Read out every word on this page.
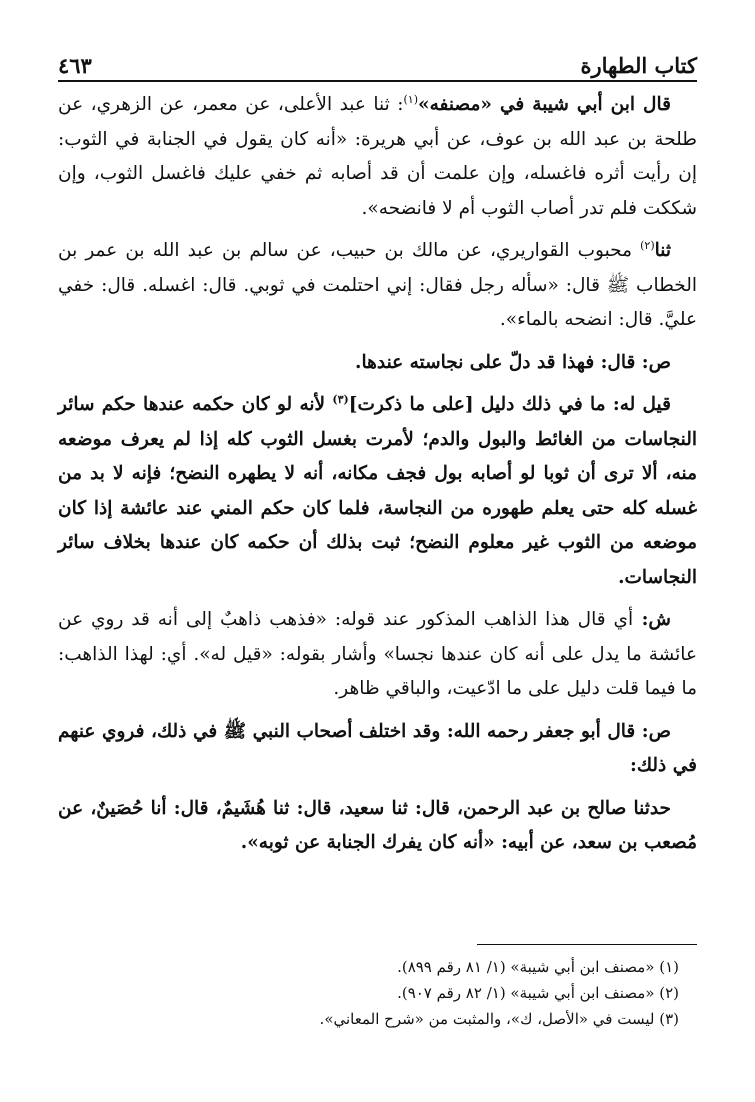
كتاب الطهارة
٤٦٣

قال ابن أبي شيبة في «مصنفه»$^{(١)}$: ثنا عبد الأعلى، عن معمر، عن الزهري، عن طلحة بن عبد الله بن عوف، عن أبي هريرة: «أنه كان يقول في الجنابة في الثوب: إن رأيت أثره فاغسله، وإن علمت أن قد أصابه ثم خفي عليك فاغسل الثوب، وإن شككت فلم تدر أصاب الثوب أم لا فانضحه».

ثنا$^{(٢)}$ محبوب القواريري، عن مالك بن حبيب، عن سالم بن عبد الله بن عمر بن الخطاب ﷺ قال: «سأله رجل فقال: إني احتلمت في ثوبي. قال: اغسله. قال: خفي عليَّ. قال: انضحه بالماء».

ص: قال: فهذا قد دلّ على نجاسته عندها.

قيل له: ما في ذلك دليل [على ما ذكرت]$^{(٣)}$ لأنه لو كان حكمه عندها حكم سائر النجاسات من الغائط والبول والدم؛ لأمرت بغسل الثوب كله إذا لم يعرف موضعه منه، ألا ترى أن ثوبا لو أصابه بول فجف مكانه، أنه لا يطهره النضح؛ فإنه لا بد من غسله كله حتى يعلم طهوره من النجاسة، فلما كان حكم المني عند عائشة إذا كان موضعه من الثوب غير معلوم النضح؛ ثبت بذلك أن حكمه كان عندها بخلاف سائر النجاسات.

ش: أي قال هذا الذاهب المذكور عند قوله: «فذهب ذاهبٌ إلى أنه قد روي عن عائشة ما يدل على أنه كان عندها نجسا» وأشار بقوله: «قيل له». أي: لهذا الذاهب: ما فيما قلت دليل على ما ادّعيت، والباقي ظاهر.

ص: قال أبو جعفر رحمه الله: وقد اختلف أصحاب النبي ﷺ في ذلك، فروي عنهم في ذلك:

حدثنا صالح بن عبد الرحمن، قال: ثنا سعيد، قال: ثنا هُشَيمٌ، قال: أنا حُصَينٌ، عن مُصعب بن سعد، عن أبيه: «أنه كان يفرك الجنابة عن ثوبه».

(١) «مصنف ابن أبي شيبة» (١/ ٨١ رقم ٨٩٩).
(٢) «مصنف ابن أبي شيبة» (١/ ٨٢ رقم ٩٠٧).
(٣) ليست في «الأصل، ك»، والمثبت من «شرح المعاني».
